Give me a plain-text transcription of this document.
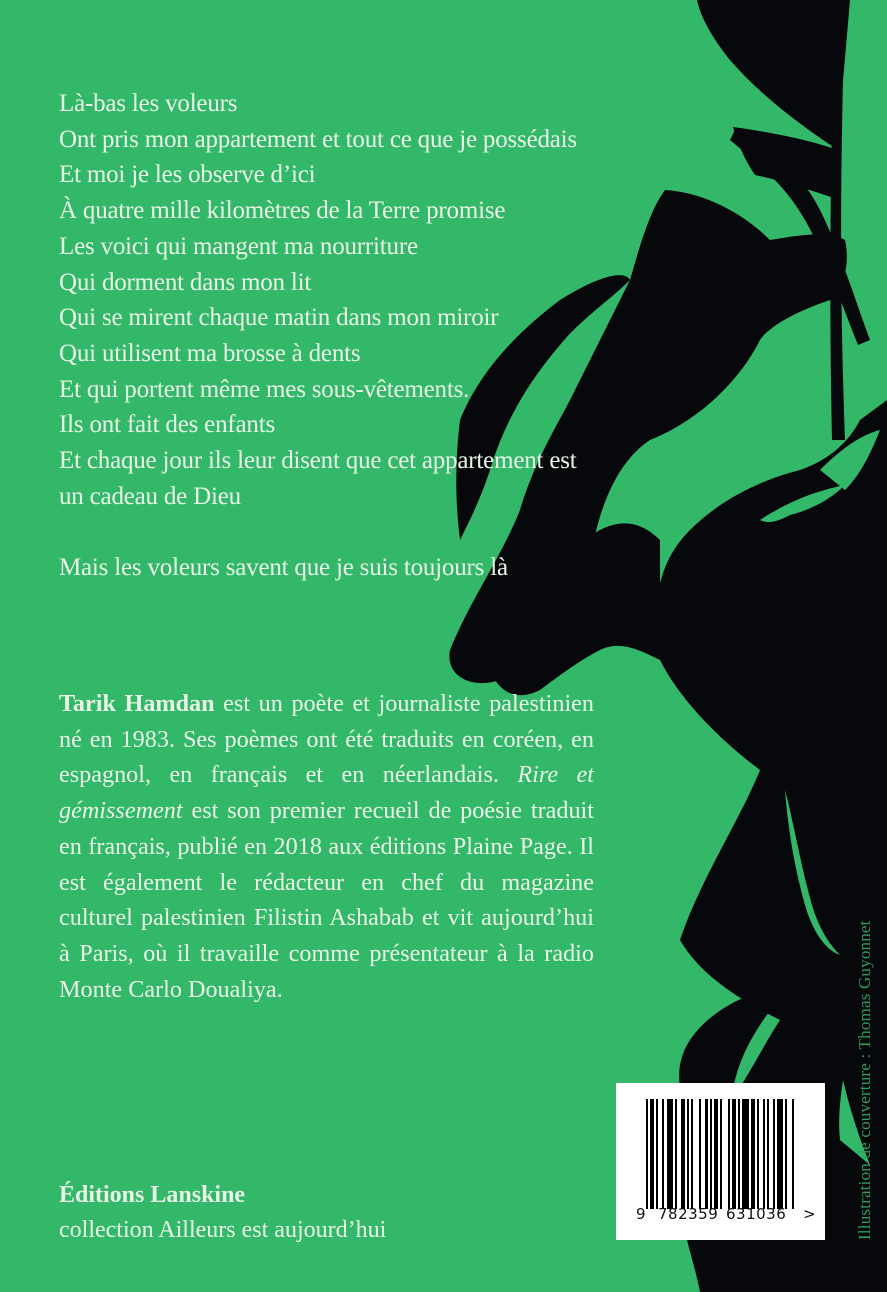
Là-bas les voleurs
Ont pris mon appartement et tout ce que je possédais
Et moi je les observe d’ici
À quatre mille kilomètres de la Terre promise
Les voici qui mangent ma nourriture
Qui dorment dans mon lit
Qui se mirent chaque matin dans mon miroir
Qui utilisent ma brosse à dents
Et qui portent même mes sous-vêtements.
Ils ont fait des enfants
Et chaque jour ils leur disent que cet appartement est
un cadeau de Dieu
Mais les voleurs savent que je suis toujours là

Tarik Hamdan est un poète et journaliste palestinien né en 1983. Ses poèmes ont été traduits en coréen, en espagnol, en français et en néerlandais. Rire et gémissement est son premier recueil de poésie traduit en français, publié en 2018 aux éditions Plaine Page. Il est également le rédacteur en chef du magazine culturel palestinien Filistin Ashabab et vit aujourd’hui à Paris, où il travaille comme présentateur à la radio Monte Carlo Doualiya.

Éditions Lanskine
collection Ailleurs est aujourd’hui
9 782359 631036 > Illustration de couverture : Thomas Guyonnet
